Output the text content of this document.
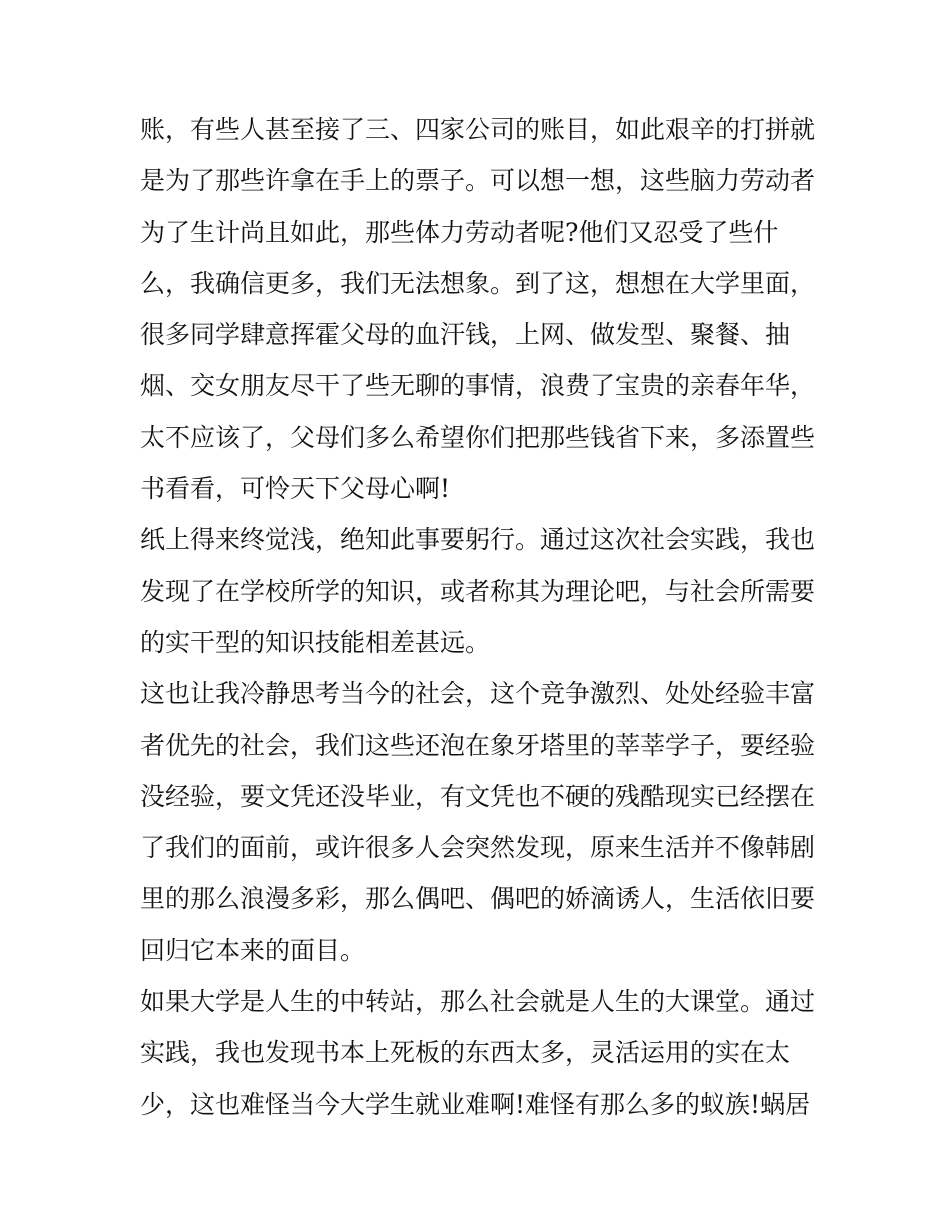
账，有些人甚至接了三、四家公司的账目，如此艰辛的打拼就
是为了那些许拿在手上的票子。可以想一想，这些脑力劳动者
为了生计尚且如此，那些体力劳动者呢?他们又忍受了些什
么，我确信更多，我们无法想象。到了这，想想在大学里面，
很多同学肆意挥霍父母的血汗钱，上网、做发型、聚餐、抽
烟、交女朋友尽干了些无聊的事情，浪费了宝贵的亲春年华，
太不应该了，父母们多么希望你们把那些钱省下来，多添置些
书看看，可怜天下父母心啊!
纸上得来终觉浅，绝知此事要躬行。通过这次社会实践，我也
发现了在学校所学的知识，或者称其为理论吧，与社会所需要
的实干型的知识技能相差甚远。
这也让我冷静思考当今的社会，这个竞争激烈、处处经验丰富
者优先的社会，我们这些还泡在象牙塔里的莘莘学子，要经验
没经验，要文凭还没毕业，有文凭也不硬的残酷现实已经摆在
了我们的面前，或许很多人会突然发现，原来生活并不像韩剧
里的那么浪漫多彩，那么偶吧、偶吧的娇滴诱人，生活依旧要
回归它本来的面目。
如果大学是人生的中转站，那么社会就是人生的大课堂。通过
实践，我也发现书本上死板的东西太多，灵活运用的实在太
少，这也难怪当今大学生就业难啊!难怪有那么多的蚁族!蜗居
